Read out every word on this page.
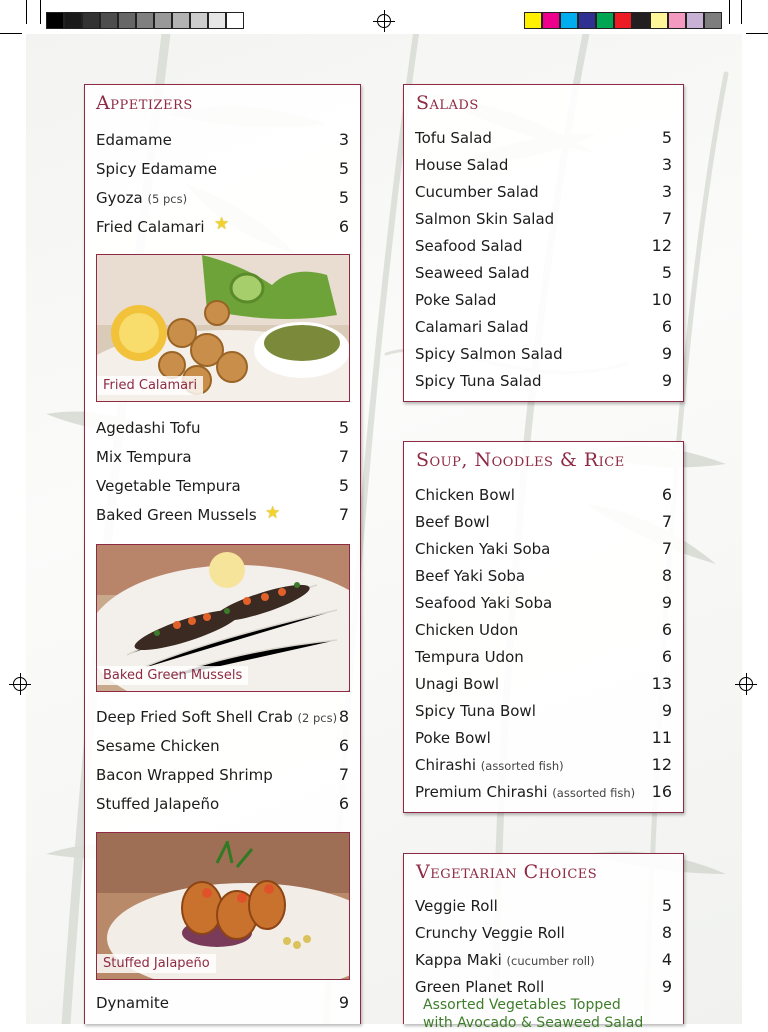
Appetizers
Edamame	3
Spicy Edamame	5
Gyoza (5 pcs)	5
Fried Calamari	6
★
Fried Calamari
Agedashi Tofu	5
Mix Tempura	7
Vegetable Tempura	5
Baked Green Mussels	7
★
Baked Green Mussels
Deep Fried Soft Shell Crab (2 pcs) 8
Sesame Chicken	6
Bacon Wrapped Shrimp	7
Stuffed Jalapeño	6
Stuffed Jalapeño
Dynamite	9
Salads
Tofu Salad	5
House Salad	3
Cucumber Salad	3
Salmon Skin Salad	7
Seafood Salad	12
Seaweed Salad	5
Poke Salad	10
Calamari Salad	6
Spicy Salmon Salad	9
Spicy Tuna Salad	9
Soup, Noodles & Rice
Chicken Bowl	6
Beef Bowl	7
Chicken Yaki Soba	7
Beef Yaki Soba	8
Seafood Yaki Soba	9
Chicken Udon	6
Tempura Udon	6
Unagi Bowl	13
Spicy Tuna Bowl	9
Poke Bowl	11
Chirashi (assorted fish)	12
Premium Chirashi (assorted fish) 16
Vegetarian Choices
Veggie Roll	5
Crunchy Veggie Roll	8
Kappa Maki (cucumber roll)	4
Green Planet Roll	9
Assorted Vegetables Topped
with Avocado & Seaweed Salad
